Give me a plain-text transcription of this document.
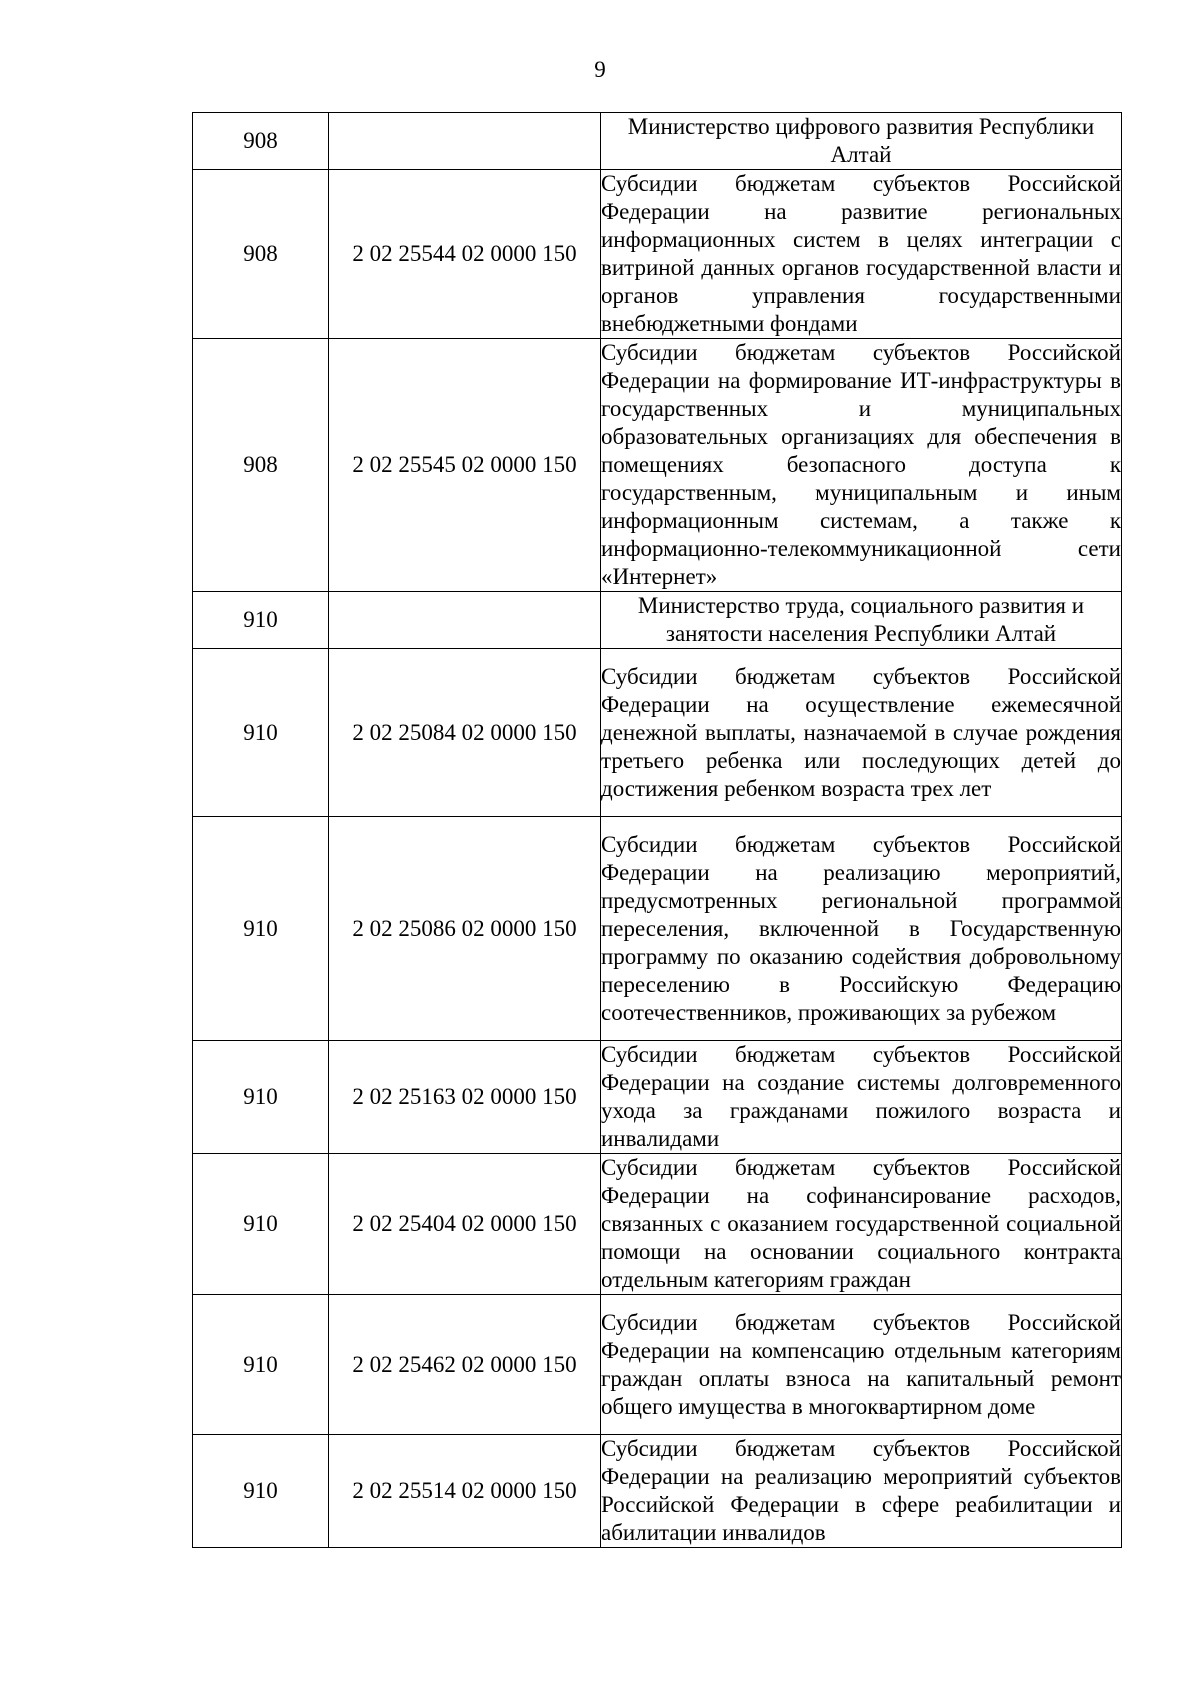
9
908		Министерство цифрового развития Республики Алтай
908	2 02 25544 02 0000 150	Субсидии бюджетам субъектов Российской Федерации на развитие региональных информационных систем в целях интеграции с витриной данных органов государственной власти и органов управления государственными внебюджетными фондами
908	2 02 25545 02 0000 150	Субсидии бюджетам субъектов Российской Федерации на формирование ИТ-инфраструктуры в государственных и муниципальных образовательных организациях для обеспечения в помещениях безопасного доступа к государственным, муниципальным и иным информационным системам, а также к информационно-телекоммуникационной сети «Интернет»
910		Министерство труда, социального развития и занятости населения Республики Алтай
910	2 02 25084 02 0000 150	Субсидии бюджетам субъектов Российской Федерации на осуществление ежемесячной денежной выплаты, назначаемой в случае рождения третьего ребенка или последующих детей до достижения ребенком возраста трех лет
910	2 02 25086 02 0000 150	Субсидии бюджетам субъектов Российской Федерации на реализацию мероприятий, предусмотренных региональной программой переселения, включенной в Государственную программу по оказанию содействия добровольному переселению в Российскую Федерацию соотечественников, проживающих за рубежом
910	2 02 25163 02 0000 150	Субсидии бюджетам субъектов Российской Федерации на создание системы долговременного ухода за гражданами пожилого возраста и инвалидами
910	2 02 25404 02 0000 150	Субсидии бюджетам субъектов Российской Федерации на софинансирование расходов, связанных с оказанием государственной социальной помощи на основании социального контракта отдельным категориям граждан
910	2 02 25462 02 0000 150	Субсидии бюджетам субъектов Российской Федерации на компенсацию отдельным категориям граждан оплаты взноса на капитальный ремонт общего имущества в многоквартирном доме
910	2 02 25514 02 0000 150	Субсидии бюджетам субъектов Российской Федерации на реализацию мероприятий субъектов Российской Федерации в сфере реабилитации и абилитации инвалидов
